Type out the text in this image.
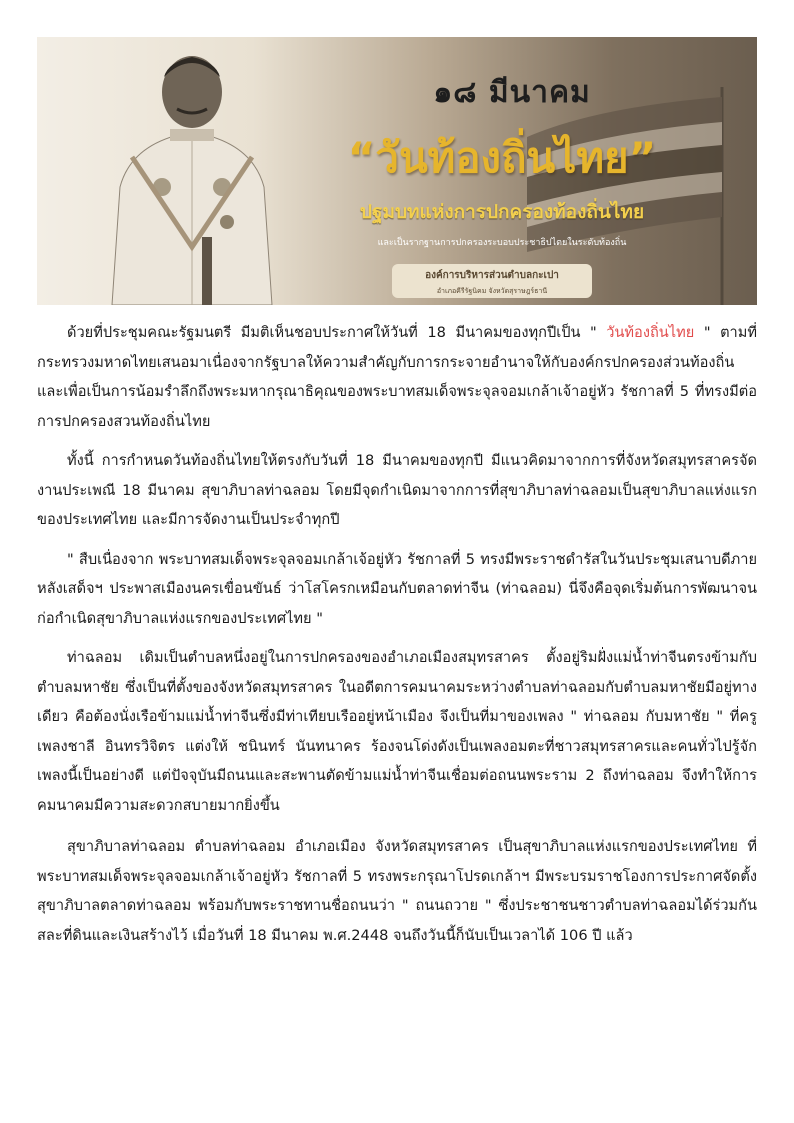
๑๘ มีนาคม
“วันท้องถิ่นไทย”
ปฐมบทแห่งการปกครองท้องถิ่นไทย
และเป็นรากฐานการปกครองระบอบประชาธิปไตยในระดับท้องถิ่น
องค์การบริหารส่วนตำบลกะเปา
อำเภอคีรีรัฐนิคม จังหวัดสุราษฎร์ธานี

ด้วยที่ประชุมคณะรัฐมนตรี มีมติเห็นชอบประกาศให้วันที่ 18 มีนาคมของทุกปีเป็น " วันท้องถิ่นไทย " ตามที่กระทรวงมหาดไทยเสนอมาเนื่องจากรัฐบาลให้ความสำคัญกับการกระจายอำนาจให้กับองค์กรปกครองส่วนท้องถิ่นและเพื่อเป็นการน้อมรำลึกถึงพระมหากรุณาธิคุณของพระบาทสมเด็จพระจุลจอมเกล้าเจ้าอยู่หัว รัชกาลที่ 5 ที่ทรงมีต่อการปกครองสวนท้องถิ่นไทย

ทั้งนี้ การกำหนดวันท้องถิ่นไทยให้ตรงกับวันที่ 18 มีนาคมของทุกปี มีแนวคิดมาจากการที่จังหวัดสมุทรสาครจัดงานประเพณี 18 มีนาคม สุขาภิบาลท่าฉลอม โดยมีจุดกำเนิดมาจากการที่สุขาภิบาลท่าฉลอมเป็นสุขาภิบาลแห่งแรกของประเทศไทย และมีการจัดงานเป็นประจำทุกปี

" สืบเนื่องจาก พระบาทสมเด็จพระจุลจอมเกล้าเจ้อยู่หัว รัชกาลที่ 5 ทรงมีพระราชดำรัสในวันประชุมเสนาบดีภายหลังเสด็จฯ ประพาสเมืองนครเขื่อนขันธ์ ว่าโสโครกเหมือนกับตลาดท่าจีน (ท่าฉลอม) นี่จึงคือจุดเริ่มต้นการพัฒนาจนก่อกำเนิดสุขาภิบาลแห่งแรกของประเทศไทย "

ท่าฉลอม เดิมเป็นตำบลหนึ่งอยู่ในการปกครองของอำเภอเมืองสมุทรสาคร ตั้งอยู่ริมฝั่งแม่น้ำท่าจีนตรงข้ามกับตำบลมหาชัย ซึ่งเป็นที่ตั้งของจังหวัดสมุทรสาคร ในอดีตการคมนาคมระหว่างตำบลท่าฉลอมกับตำบลมหาชัยมีอยู่ทางเดียว คือต้องนั่งเรือข้ามแม่น้ำท่าจีนซึ่งมีท่าเทียบเรืออยู่หน้าเมือง จึงเป็นที่มาของเพลง " ท่าฉลอม กับมหาชัย " ที่ครูเพลงชาลี อินทรวิจิตร แต่งให้ ชนินทร์ นันทนาคร ร้องจนโด่งดังเป็นเพลงอมตะที่ชาวสมุทรสาครและคนทั่วไปรู้จักเพลงนี้เป็นอย่างดี แต่ปัจจุบันมีถนนและสะพานตัดข้ามแม่น้ำท่าจีนเชื่อมต่อถนนพระราม 2 ถึงท่าฉลอม จึงทำให้การคมนาคมมีความสะดวกสบายมากยิ่งขึ้น

สุขาภิบาลท่าฉลอม ตำบลท่าฉลอม อำเภอเมือง จังหวัดสมุทรสาคร เป็นสุขาภิบาลแห่งแรกของประเทศไทย ที่พระบาทสมเด็จพระจุลจอมเกล้าเจ้าอยู่หัว รัชกาลที่ 5 ทรงพระกรุณาโปรดเกล้าฯ มีพระบรมราชโองการประกาศจัดตั้งสุขาภิบาลตลาดท่าฉลอม พร้อมกับพระราชทานชื่อถนนว่า " ถนนถวาย " ซึ่งประชาชนชาวตำบลท่าฉลอมได้ร่วมกันสละที่ดินและเงินสร้างไว้ เมื่อวันที่ 18 มีนาคม พ.ศ.2448 จนถึงวันนี้ก็นับเป็นเวลาได้ 106 ปี แล้ว
